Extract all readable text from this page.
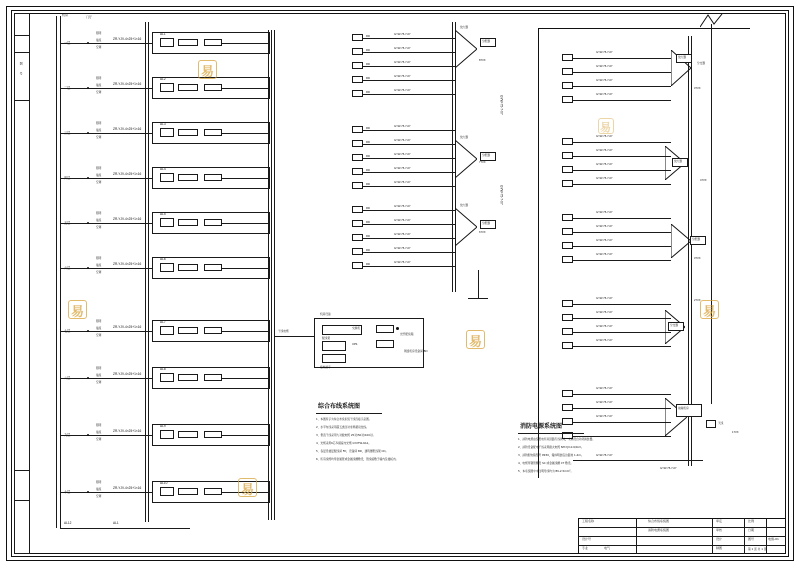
图
号
机房	门厅
AL1
ZR-YJV-4×25+1×16
照明
插座
空调
AL2
ZR-YJV-4×25+1×16
照明
插座
空调
AL3
ZR-YJV-4×25+1×16
照明
插座
空调
AL4
ZR-YJV-4×25+1×16
照明
插座
空调
AL5
ZR-YJV-4×25+1×16
照明
插座
空调
AL6
ZR-YJV-4×25+1×16
照明
插座
空调
AL7
ZR-YJV-4×25+1×16
照明
插座
空调
AL8
ZR-YJV-4×25+1×16
照明
插座
空调
AL9
ZR-YJV-4×25+1×16
照明
插座
空调
AL10
ZR-YJV-4×25+1×16
照明
插座
空调
AL12	AL1
GYW-75-7-07
GYW-75-7-07
RD
RD
RD
RD
RD
GYW-75-7-07
GYW-75-7-07
GYW-75-7-07
GYW-75-7-07
GYW-75-7-07
放大器
分配器
87VX
RD
RD
RD
RD
RD
GYW-75-7-07
GYW-75-7-07
GYW-75-7-07
GYW-75-7-07
GYW-75-7-07
放大器
分配器
77VX
RD
RD
RD
RD
RD
GYW-75-7-07
GYW-75-7-07
GYW-75-7-07
GYW-75-7-07
GYW-75-7-07
放大器
分配器
67VX
GYW-75-7-07
GYW-75-7-07
GYW-75-7-07
GYW-75-7-07
放大器
37VX
分支器
GYW-75-7-07
GYW-75-7-07
GYW-75-7-07
GYW-75-7-07
放大器
47VX
GYW-75-7-07
GYW-75-7-07
GYW-75-7-07
GYW-75-7-07
分配器
37VX
GYW-75-7-07
GYW-75-7-07
GYW-75-7-07
GYW-75-7-07
分支器
27VX
GYW-75-7-07
GYW-75-7-07
GYW-75-7-07
GYW-75-7-07
前端机房
天线
17VX
GYW-75-7-07
机房设备
配线架
光纤配线箱
网络机房设备间 BD
交换机
UPS
接地端子
干线电缆
综合布线系统图
1、本图所示为综合布线系统干线连接示意图。
2、水平布线采用超五类四对非屏蔽双绞线。
3、垂直干线采用大对数电缆 25对/50对/100对。
4、光缆采用6芯多模室内光缆 GYXTW-6A1。
5、各层设楼层配线间 FD，设备间 BD，建筑群配线架 CD。
6、所有线缆均穿金属管或金属线槽敷设，管线暗敷于墙内及楼板内。
消防电源系统图
1、消防电源由变配电所双回路专线供电，末端设自动切换装置。
2、消防设备配电干线采用耐火电缆 NH-YJV-0.6/1kV。
3、消防配电箱型号 PZ30，箱体明装底边距地 1.4m。
4、电缆穿钢管敷设 SC 或金属线槽 CT 敷设。
5、本系统图中未注明导线均为 BV-2.5mm²。
综合布线系统图
消防电源系统图
工程名称
设计号
专业	电气
审定
审核
设计
制图
比例
日期
图号	电施-01
第 1 张 共 1 张
易
易
易
易
易
易
